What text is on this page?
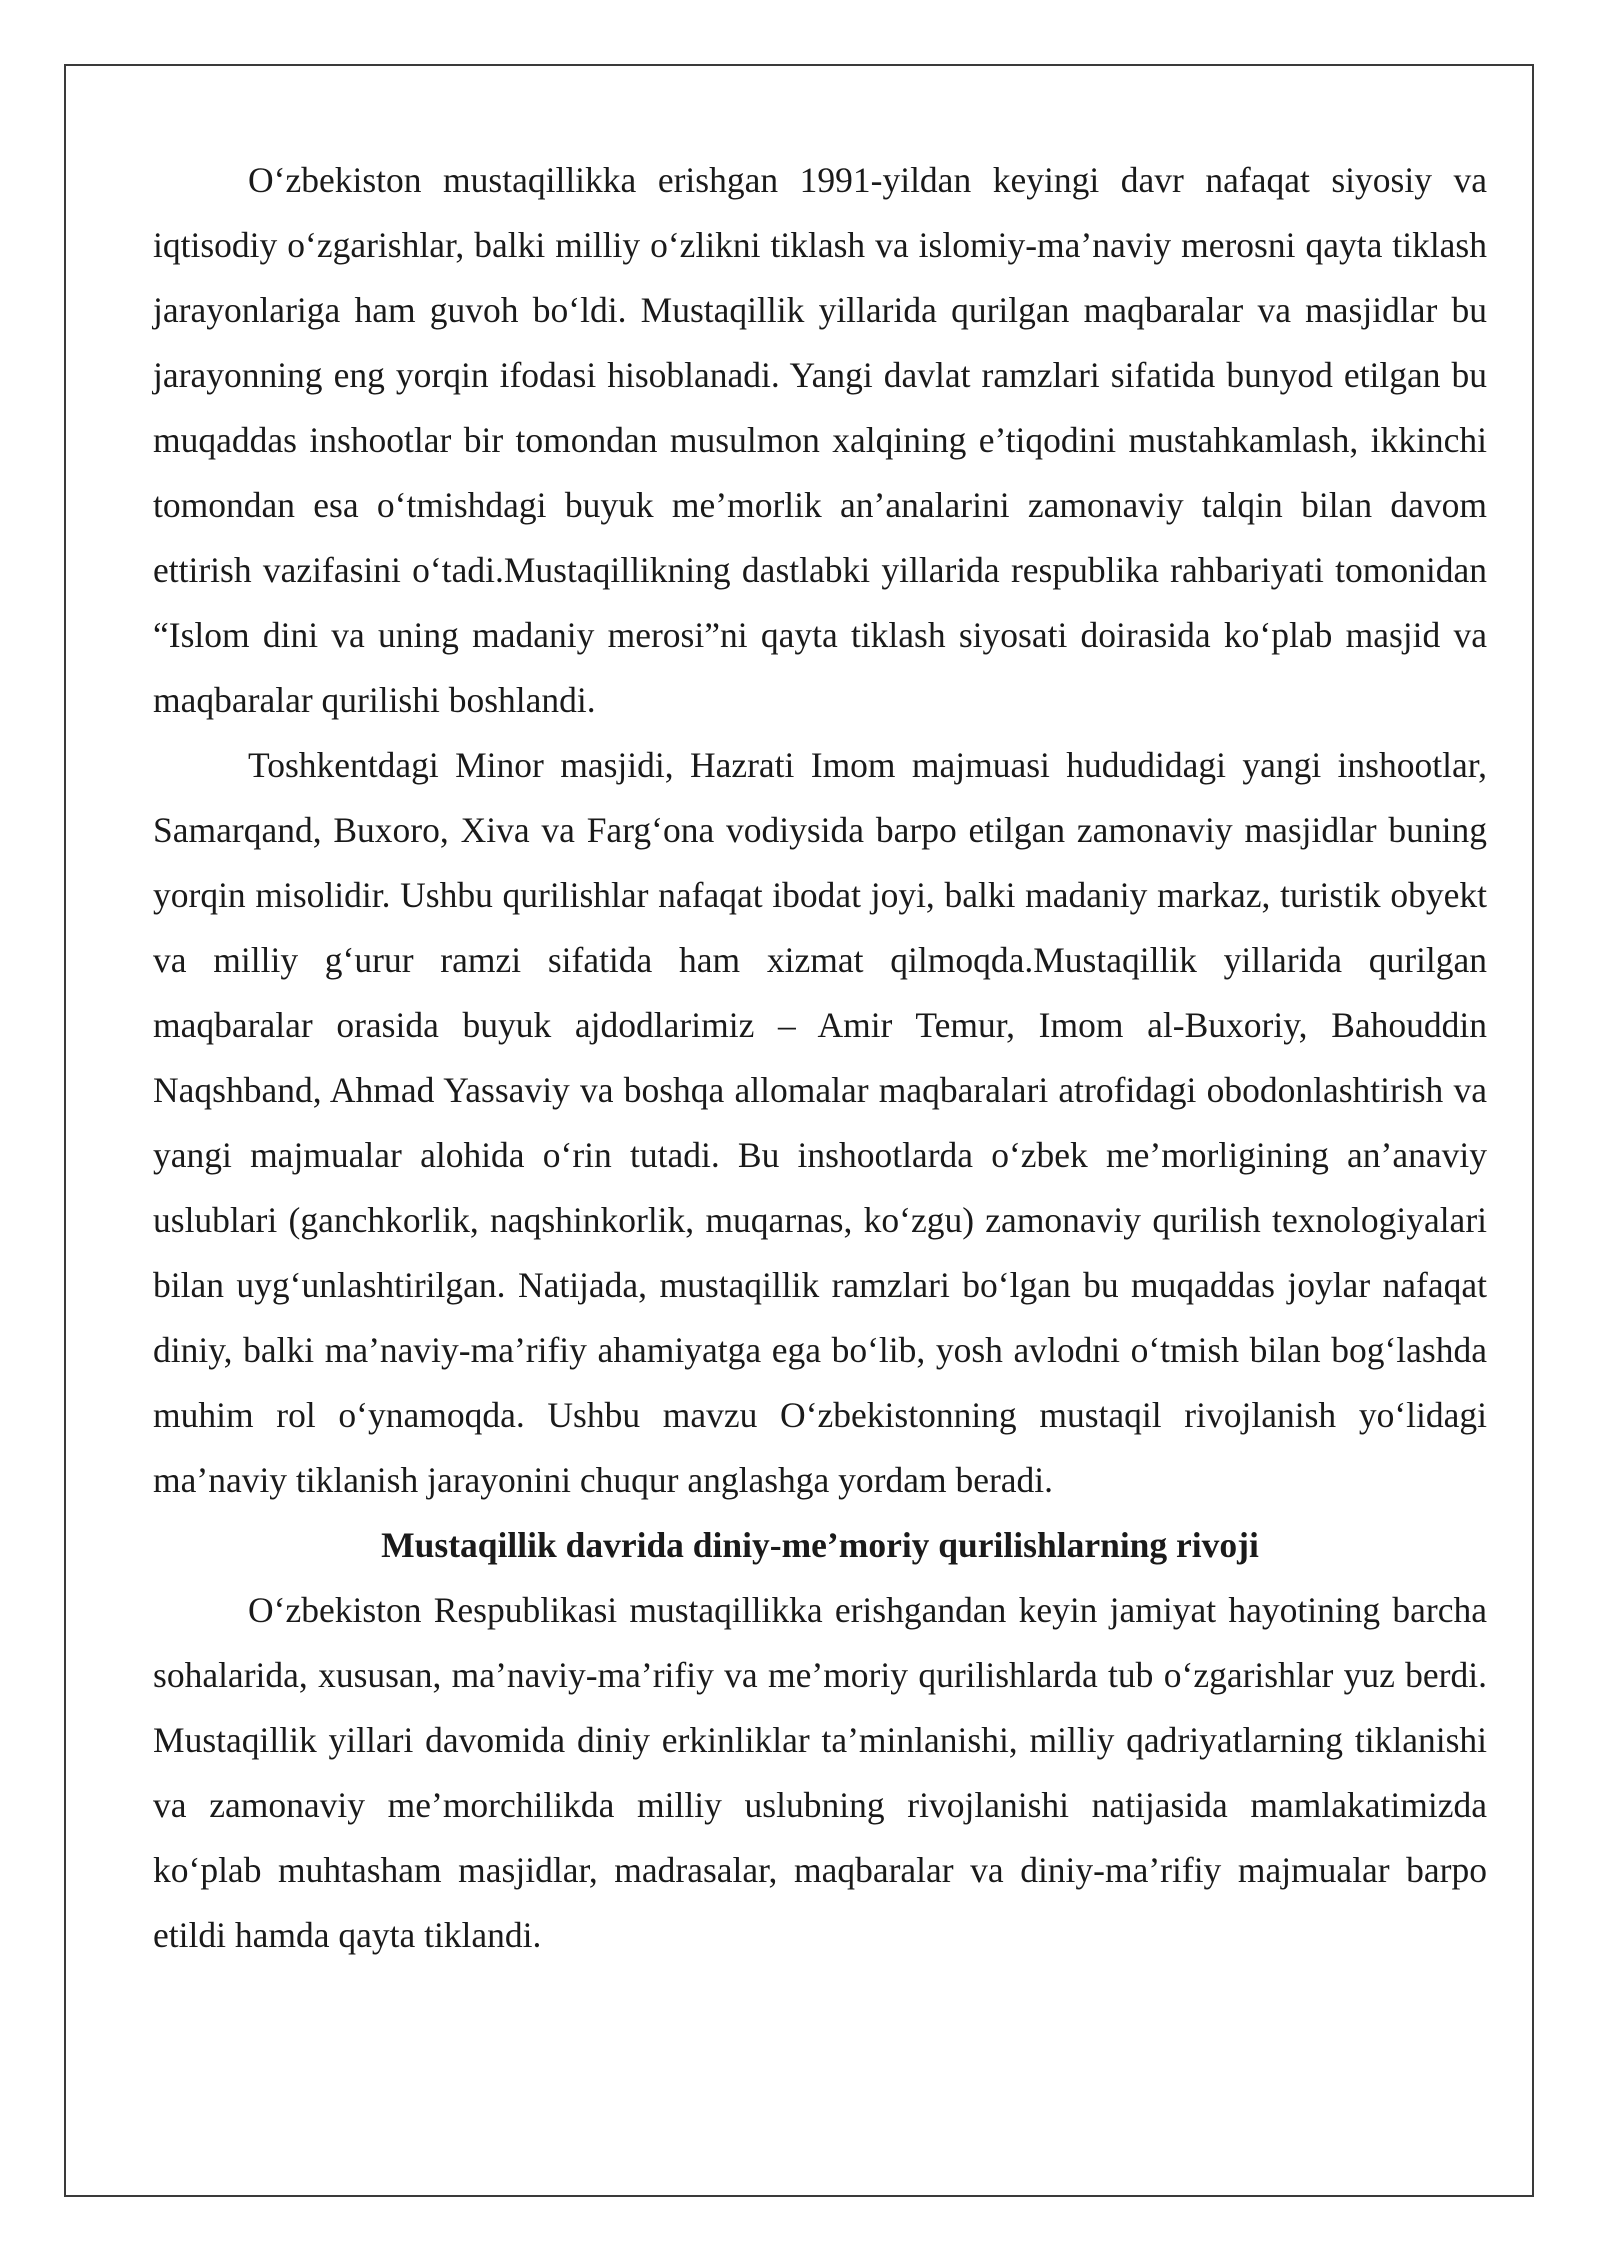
O‘zbekiston mustaqillikka erishgan 1991-yildan keyingi davr nafaqat siyosiy va iqtisodiy o‘zgarishlar, balki milliy o‘zlikni tiklash va islomiy-ma’naviy merosni qayta tiklash jarayonlariga ham guvoh bo‘ldi. Mustaqillik yillarida qurilgan maqbaralar va masjidlar bu jarayonning eng yorqin ifodasi hisoblanadi. Yangi davlat ramzlari sifatida bunyod etilgan bu muqaddas inshootlar bir tomondan musulmon xalqining e’tiqodini mustahkamlash, ikkinchi tomondan esa o‘tmishdagi buyuk me’morlik an’analarini zamonaviy talqin bilan davom ettirish vazifasini o‘tadi.Mustaqillikning dastlabki yillarida respublika rahbariyati tomonidan “Islom dini va uning madaniy merosi”ni qayta tiklash siyosati doirasida ko‘plab masjid va maqbaralar qurilishi boshlandi.

Toshkentdagi Minor masjidi, Hazrati Imom majmuasi hududidagi yangi inshootlar, Samarqand, Buxoro, Xiva va Farg‘ona vodiysida barpo etilgan zamonaviy masjidlar buning yorqin misolidir. Ushbu qurilishlar nafaqat ibodat joyi, balki madaniy markaz, turistik obyekt va milliy g‘urur ramzi sifatida ham xizmat qilmoqda.Mustaqillik yillarida qurilgan maqbaralar orasida buyuk ajdodlarimiz – Amir Temur, Imom al-Buxoriy, Bahouddin Naqshband, Ahmad Yassaviy va boshqa allomalar maqbaralari atrofidagi obodonlashtirish va yangi majmualar alohida o‘rin tutadi. Bu inshootlarda o‘zbek me’morligining an’anaviy uslublari (ganchkorlik, naqshinkorlik, muqarnas, ko‘zgu) zamonaviy qurilish texnologiyalari bilan uyg‘unlashtirilgan. Natijada, mustaqillik ramzlari bo‘lgan bu muqaddas joylar nafaqat diniy, balki ma’naviy-ma’rifiy ahamiyatga ega bo‘lib, yosh avlodni o‘tmish bilan bog‘lashda muhim rol o‘ynamoqda. Ushbu mavzu O‘zbekistonning mustaqil rivojlanish yo‘lidagi ma’naviy tiklanish jarayonini chuqur anglashga yordam beradi.

Mustaqillik davrida diniy-me’moriy qurilishlarning rivoji

O‘zbekiston Respublikasi mustaqillikka erishgandan keyin jamiyat hayotining barcha sohalarida, xususan, ma’naviy-ma’rifiy va me’moriy qurilishlarda tub o‘zgarishlar yuz berdi. Mustaqillik yillari davomida diniy erkinliklar ta’minlanishi, milliy qadriyatlarning tiklanishi va zamonaviy me’morchilikda milliy uslubning rivojlanishi natijasida mamlakatimizda ko‘plab muhtasham masjidlar, madrasalar, maqbaralar va diniy-ma’rifiy majmualar barpo etildi hamda qayta tiklandi.
